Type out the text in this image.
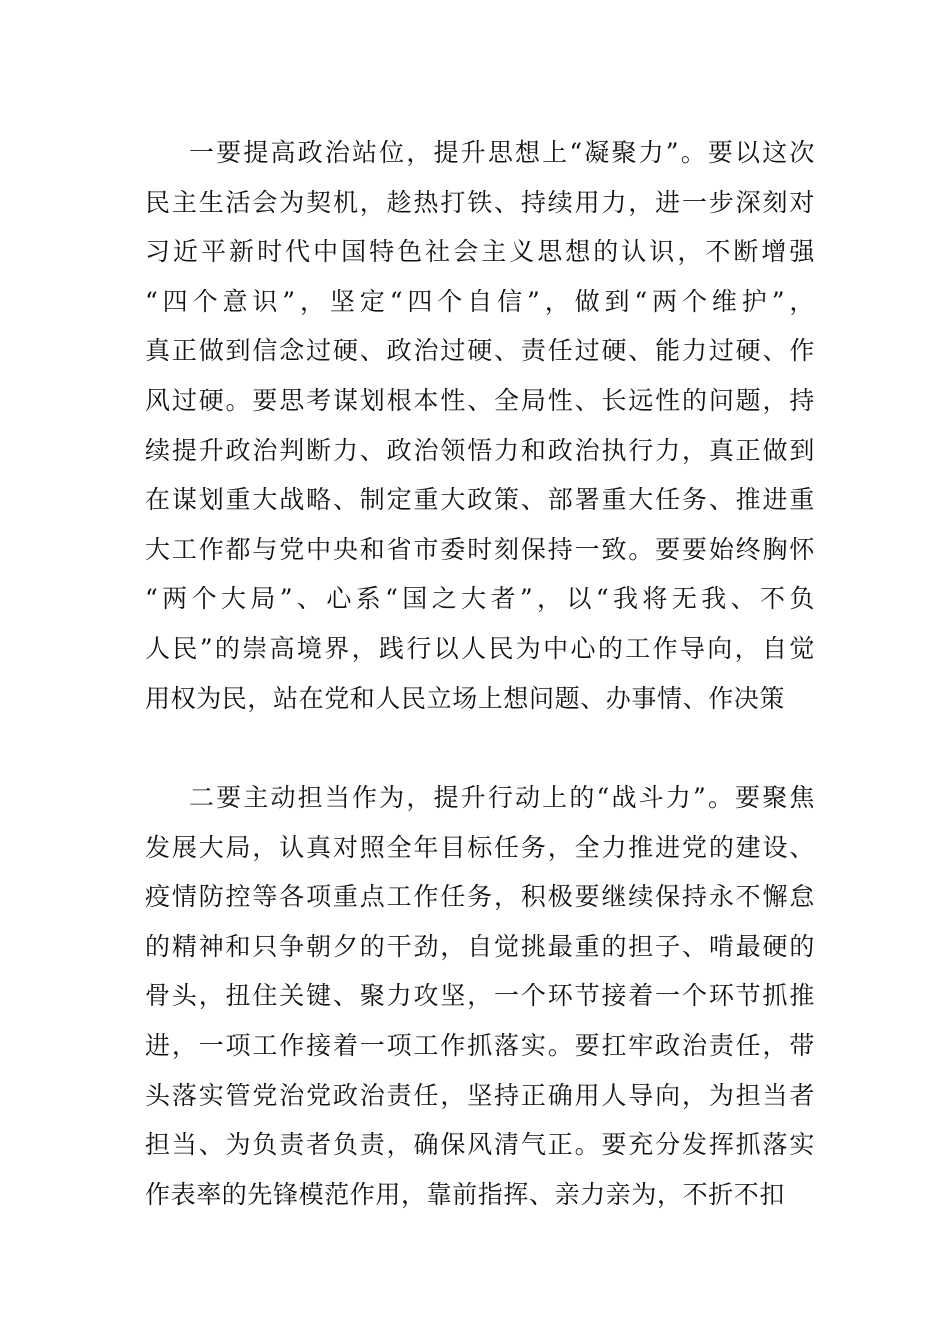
一要提高政治站位，提升思想上“凝聚力”。要以这次
民主生活会为契机，趁热打铁、持续用力，进一步深刻对
习近平新时代中国特色社会主义思想的认识，不断增强
“四个意识”，坚定“四个自信”，做到“两个维护”，
真正做到信念过硬、政治过硬、责任过硬、能力过硬、作
风过硬。要思考谋划根本性、全局性、长远性的问题，持
续提升政治判断力、政治领悟力和政治执行力，真正做到
在谋划重大战略、制定重大政策、部署重大任务、推进重
大工作都与党中央和省市委时刻保持一致。要要始终胸怀
“两个大局”、心系“国之大者”，以“我将无我、不负
人民”的崇高境界，践行以人民为中心的工作导向，自觉
用权为民，站在党和人民立场上想问题、办事情、作决策
二要主动担当作为，提升行动上的“战斗力”。要聚焦
发展大局，认真对照全年目标任务，全力推进党的建设、
疫情防控等各项重点工作任务，积极要继续保持永不懈怠
的精神和只争朝夕的干劲，自觉挑最重的担子、啃最硬的
骨头，扭住关键、聚力攻坚，一个环节接着一个环节抓推
进，一项工作接着一项工作抓落实。要扛牢政治责任，带
头落实管党治党政治责任，坚持正确用人导向，为担当者
担当、为负责者负责，确保风清气正。要充分发挥抓落实
作表率的先锋模范作用，靠前指挥、亲力亲为，不折不扣
